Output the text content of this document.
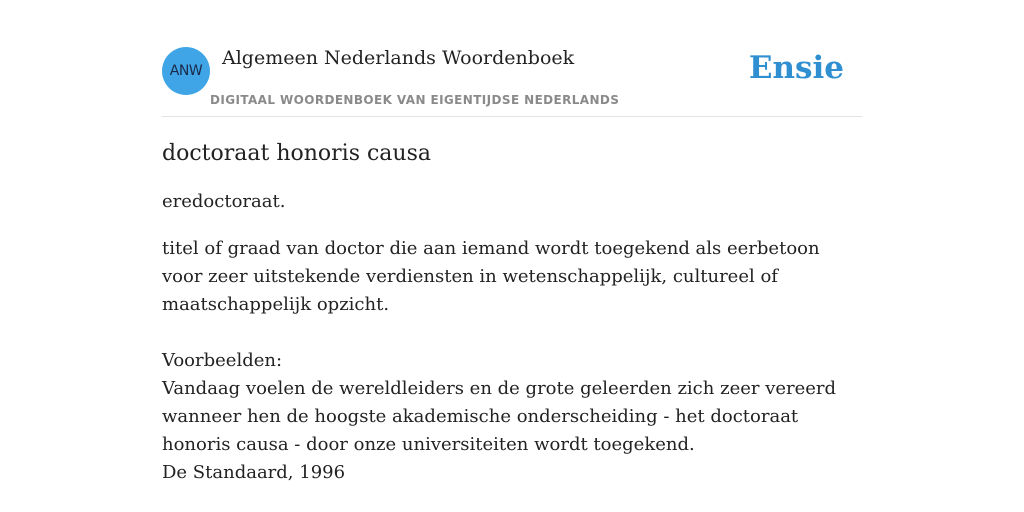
ANW
Algemeen Nederlands Woordenboek
DIGITAAL WOORDENBOEK VAN EIGENTIJDSE NEDERLANDS
Ensie
doctoraat honoris causa

eredoctoraat.

titel of graad van doctor die aan iemand wordt toegekend als eerbetoon voor zeer uitstekende verdiensten in wetenschappelijk, cultureel of maatschappelijk opzicht.

Voorbeelden:

Vandaag voelen de wereldleiders en de grote geleerden zich zeer vereerd wanneer hen de hoogste akademische onderscheiding - het doctoraat honoris causa - door onze universiteiten wordt toegekend.

De Standaard, 1996
